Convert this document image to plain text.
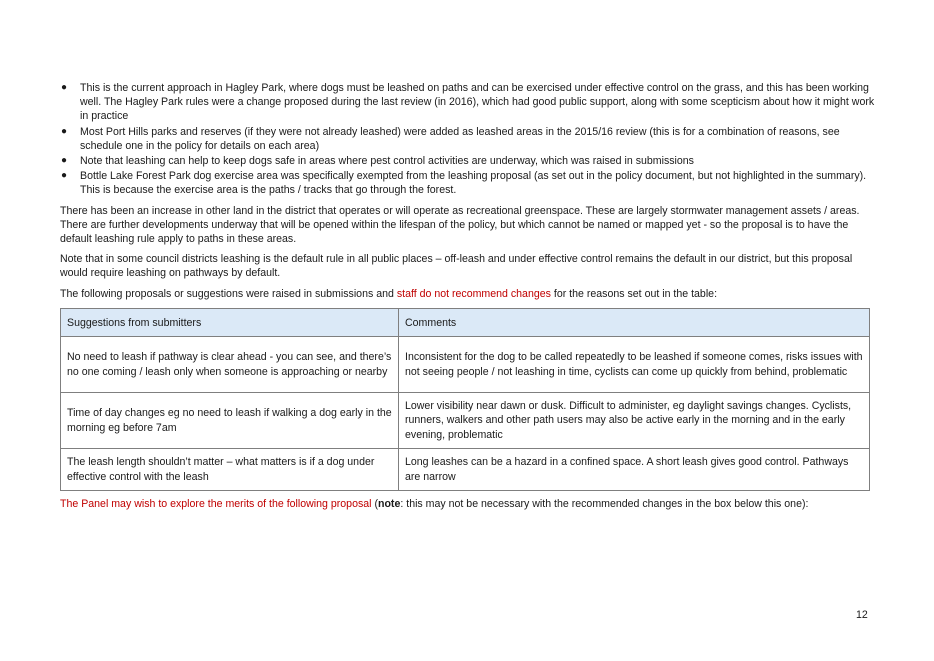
● This is the current approach in Hagley Park, where dogs must be leashed on paths and can be exercised under effective control on the grass, and this has been working well. The Hagley Park rules were a change proposed during the last review (in 2016), which had good public support, along with some scepticism about how it might work in practice
● Most Port Hills parks and reserves (if they were not already leashed) were added as leashed areas in the 2015/16 review (this is for a combination of reasons, see schedule one in the policy for details on each area)
● Note that leashing can help to keep dogs safe in areas where pest control activities are underway, which was raised in submissions
● Bottle Lake Forest Park dog exercise area was specifically exempted from the leashing proposal (as set out in the policy document, but not highlighted in the summary). This is because the exercise area is the paths / tracks that go through the forest.

There has been an increase in other land in the district that operates or will operate as recreational greenspace. These are largely stormwater management assets / areas. There are further developments underway that will be opened within the lifespan of the policy, but which cannot be named or mapped yet - so the proposal is to have the default leashing rule apply to paths in these areas.

Note that in some council districts leashing is the default rule in all public places – off-leash and under effective control remains the default in our district, but this proposal would require leashing on pathways by default.

The following proposals or suggestions were raised in submissions and staff do not recommend changes for the reasons set out in the table:

Suggestions from submitters	Comments
No need to leash if pathway is clear ahead - you can see, and there’s no one coming / leash only when someone is approaching or nearby	Inconsistent for the dog to be called repeatedly to be leashed if someone comes, risks issues with not seeing people / not leashing in time, cyclists can come up quickly from behind, problematic
Time of day changes eg no need to leash if walking a dog early in the morning eg before 7am	Lower visibility near dawn or dusk. Difficult to administer, eg daylight savings changes. Cyclists, runners, walkers and other path users may also be active early in the morning and in the early evening, problematic
The leash length shouldn’t matter – what matters is if a dog under effective control with the leash	Long leashes can be a hazard in a confined space. A short leash gives good control. Pathways are narrow

The Panel may wish to explore the merits of the following proposal (note: this may not be necessary with the recommended changes in the box below this one):

12
